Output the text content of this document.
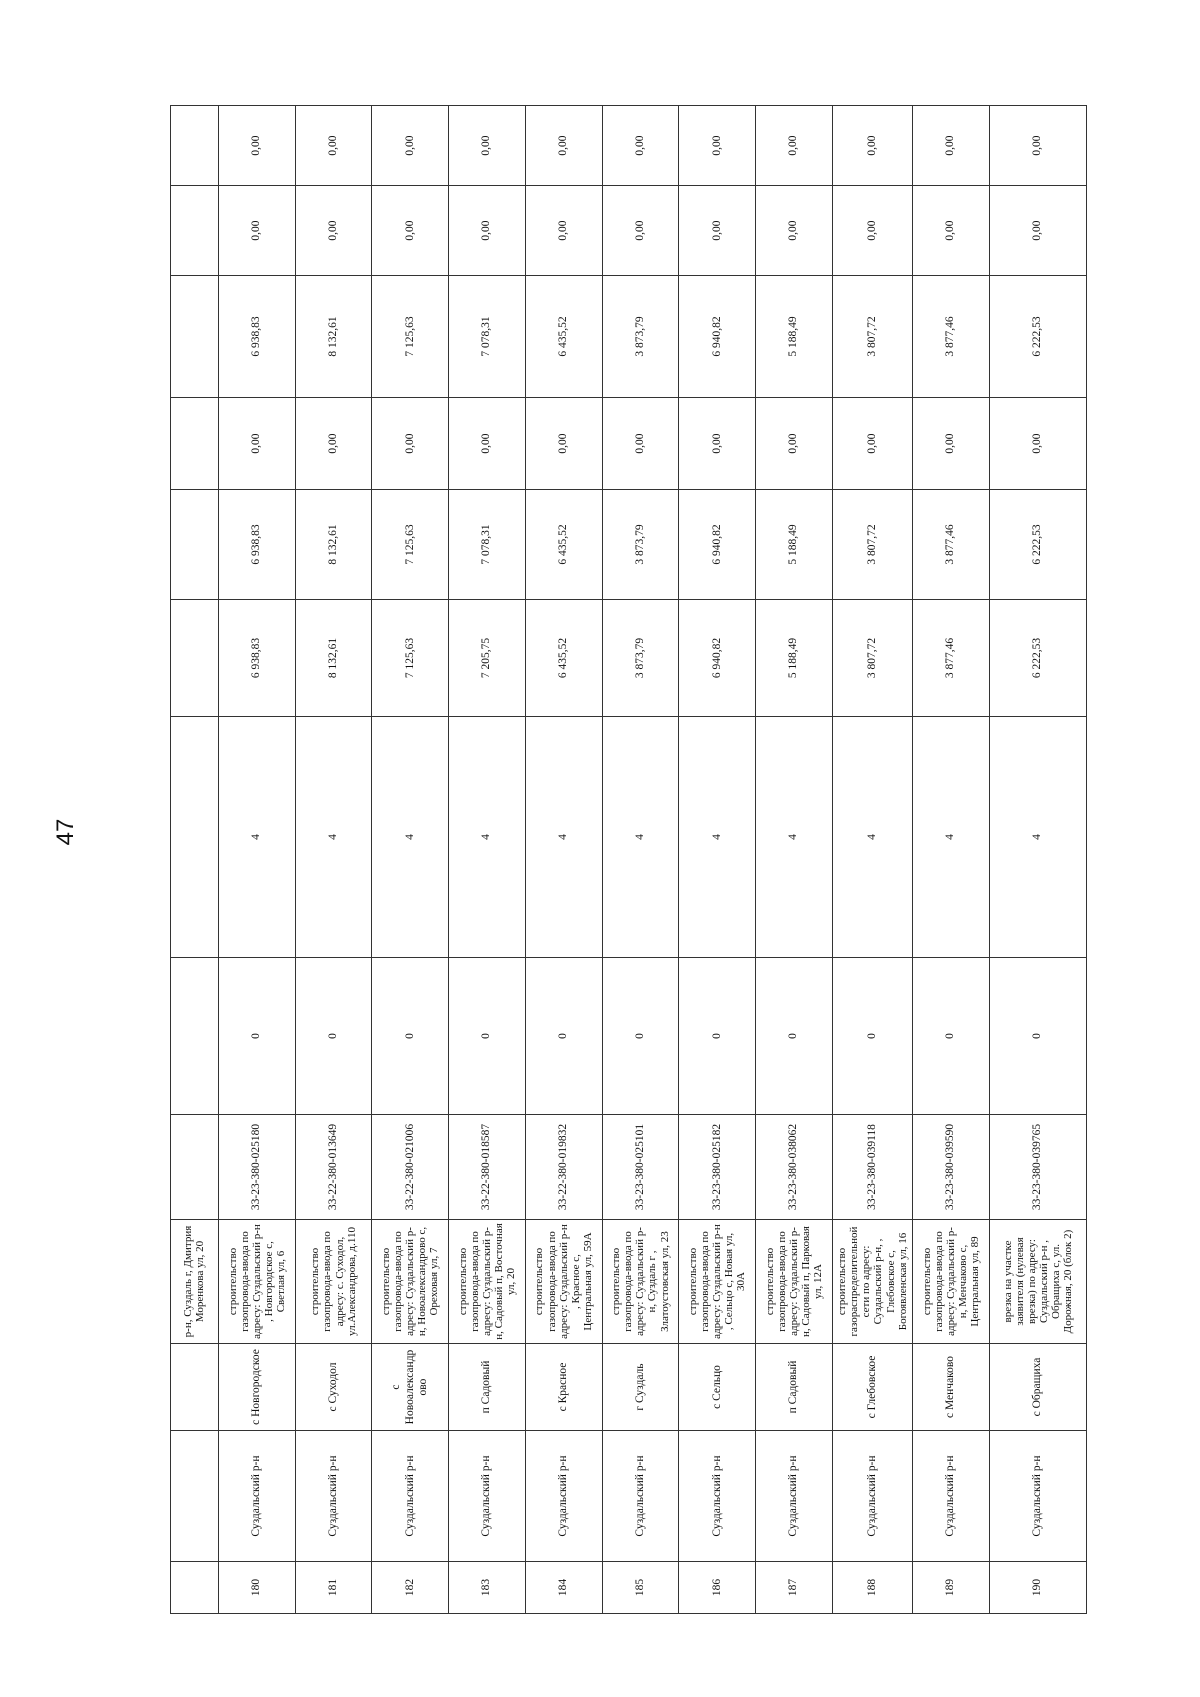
47
			р-н, Суздаль г, Дмитрия Моренкова ул, 20									
180	Суздальский р-н	с Новгородское	строительство газопровода-ввода по адресу: Суздальский р-н , Новгородское с, Светлая ул, 6	33-23-380-025180	0	4	6 938,83	6 938,83	0,00	6 938,83	0,00	0,00
181	Суздальский р-н	с Суходол	строительство газопровода-ввода по адресу: с. Суходол, ул.Александрова, д.110	33-22-380-013649	0	4	8 132,61	8 132,61	0,00	8 132,61	0,00	0,00
182	Суздальский р-н	с Новоалександрово	строительство газопровода-ввода по адресу: Суздальский р-н, Новоалександрово с, Ореховая ул, 7	33-22-380-021006	0	4	7 125,63	7 125,63	0,00	7 125,63	0,00	0,00
183	Суздальский р-н	п Садовый	строительство газопровода-ввода по адресу: Суздальский р-н, Садовый п, Восточная ул, 20	33-22-380-018587	0	4	7 205,75	7 078,31	0,00	7 078,31	0,00	0,00
184	Суздальский р-н	с Красное	строительство газопровода-ввода по адресу: Суздальский р-н , Красное с, Центральная ул, 59А	33-22-380-019832	0	4	6 435,52	6 435,52	0,00	6 435,52	0,00	0,00
185	Суздальский р-н	г Суздаль	строительство газопровода-ввода по адресу: Суздальский р-н, Суздаль г , Златоустовская ул, 23	33-23-380-025101	0	4	3 873,79	3 873,79	0,00	3 873,79	0,00	0,00
186	Суздальский р-н	с Сельцо	строительство газопровода-ввода по адресу: Суздальский р-н , Сельцо с, Новая ул, 30А	33-23-380-025182	0	4	6 940,82	6 940,82	0,00	6 940,82	0,00	0,00
187	Суздальский р-н	п Садовый	строительство газопровода-ввода по адресу: Суздальский р-н, Садовый п, Парковая ул, 12А	33-23-380-038062	0	4	5 188,49	5 188,49	0,00	5 188,49	0,00	0,00
188	Суздальский р-н	с Глебовское	строительство газораспределительной сети по адресу: Суздальский р-н, , Глебовское с, Богоявленская ул, 16	33-23-380-039118	0	4	3 807,72	3 807,72	0,00	3 807,72	0,00	0,00
189	Суздальский р-н	с Менчаково	строительство газопровода-ввода по адресу: Суздальский р-н, Менчаково с, Центральная ул, 89	33-23-380-039590	0	4	3 877,46	3 877,46	0,00	3 877,46	0,00	0,00
190	Суздальский р-н	с Обращиха	врезка на участке заявителя (нулевая врезка) по адресу: Суздальский р-н , Обращиха с, ул. Дорожная, 20 (блок 2)	33-23-380-039765	0	4	6 222,53	6 222,53	0,00	6 222,53	0,00	0,00
